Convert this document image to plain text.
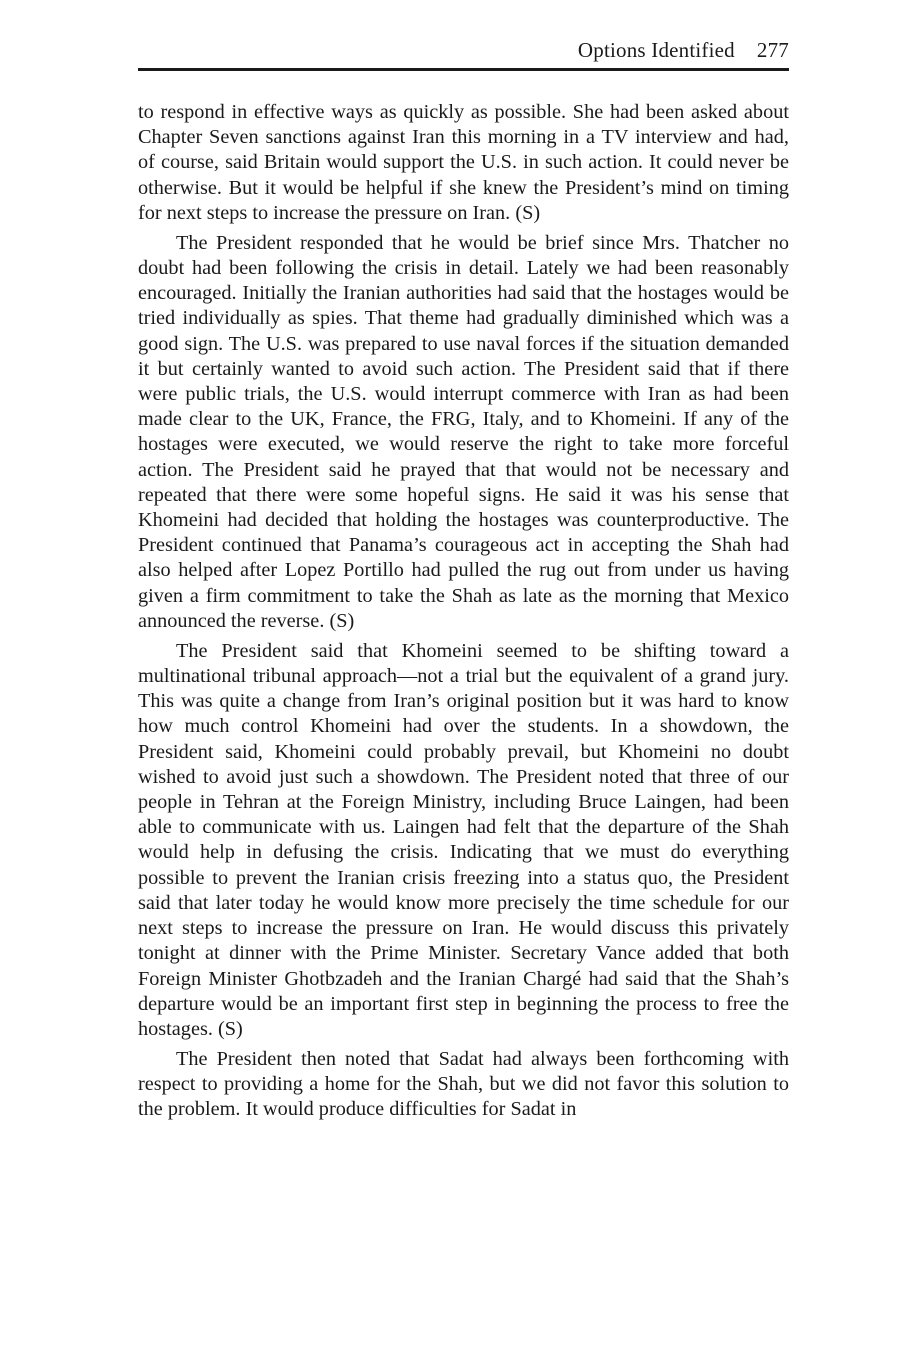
Options Identified 277

to respond in effective ways as quickly as possible. She had been asked about Chapter Seven sanctions against Iran this morning in a TV interview and had, of course, said Britain would support the U.S. in such action. It could never be otherwise. But it would be helpful if she knew the President’s mind on timing for next steps to increase the pressure on Iran. (S)

The President responded that he would be brief since Mrs. Thatcher no doubt had been following the crisis in detail. Lately we had been reasonably encouraged. Initially the Iranian authorities had said that the hostages would be tried individually as spies. That theme had gradually diminished which was a good sign. The U.S. was prepared to use naval forces if the situation demanded it but certainly wanted to avoid such action. The President said that if there were public trials, the U.S. would interrupt commerce with Iran as had been made clear to the UK, France, the FRG, Italy, and to Khomeini. If any of the hostages were executed, we would reserve the right to take more forceful action. The President said he prayed that that would not be necessary and repeated that there were some hopeful signs. He said it was his sense that Khomeini had decided that holding the hostages was counterproductive. The President continued that Panama’s courageous act in accepting the Shah had also helped after Lopez Portillo had pulled the rug out from under us having given a firm commitment to take the Shah as late as the morning that Mexico announced the reverse. (S)

The President said that Khomeini seemed to be shifting toward a multinational tribunal approach—not a trial but the equivalent of a grand jury. This was quite a change from Iran’s original position but it was hard to know how much control Khomeini had over the students. In a showdown, the President said, Khomeini could probably prevail, but Khomeini no doubt wished to avoid just such a showdown. The President noted that three of our people in Tehran at the Foreign Ministry, including Bruce Laingen, had been able to communicate with us. Laingen had felt that the departure of the Shah would help in defusing the crisis. Indicating that we must do everything possible to prevent the Iranian crisis freezing into a status quo, the President said that later today he would know more precisely the time schedule for our next steps to increase the pressure on Iran. He would discuss this privately tonight at dinner with the Prime Minister. Secretary Vance added that both Foreign Minister Ghotbzadeh and the Iranian Chargé had said that the Shah’s departure would be an important first step in beginning the process to free the hostages. (S)

The President then noted that Sadat had always been forthcoming with respect to providing a home for the Shah, but we did not favor this solution to the problem. It would produce difficulties for Sadat in
